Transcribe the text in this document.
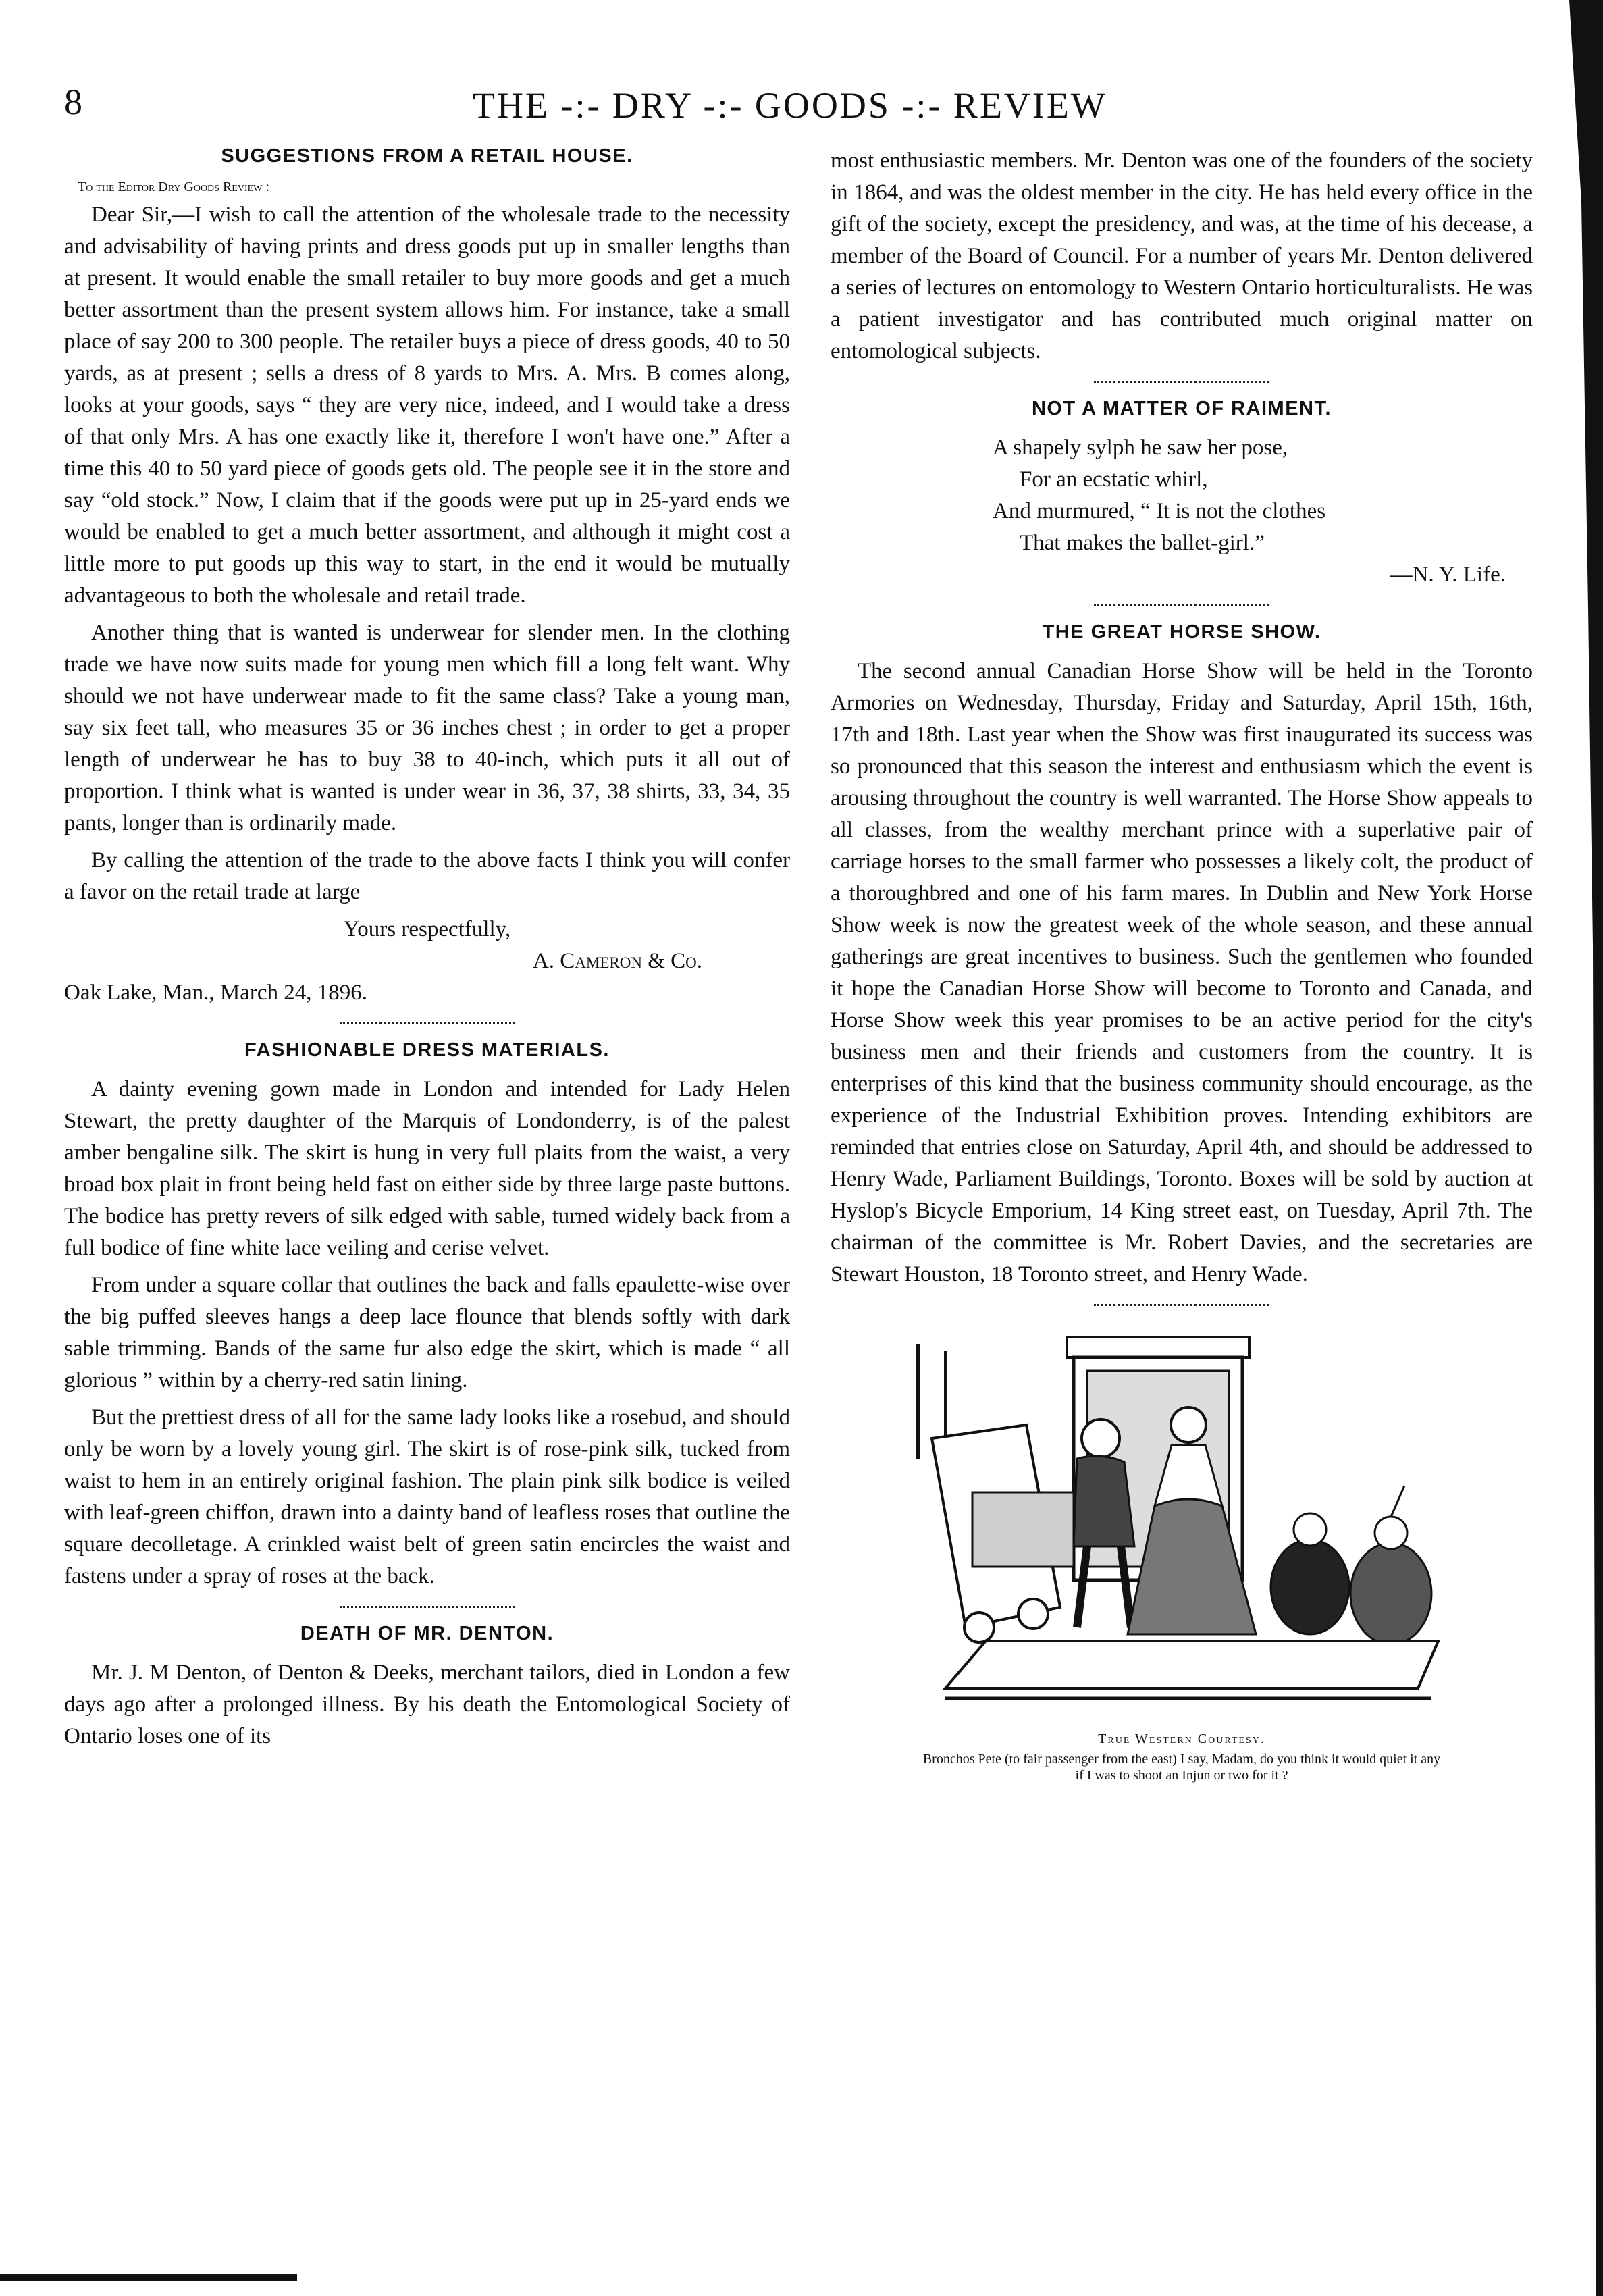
8	THE -:- DRY -:- GOODS -:- REVIEW
SUGGESTIONS FROM A RETAIL HOUSE.
To the Editor Dry Goods Review :

Dear Sir,—I wish to call the attention of the wholesale trade to the necessity and advisability of having prints and dress goods put up in smaller lengths than at present. It would enable the small retailer to buy more goods and get a much better assortment than the present system allows him. For instance, take a small place of say 200 to 300 people. The retailer buys a piece of dress goods, 40 to 50 yards, as at present ; sells a dress of 8 yards to Mrs. A. Mrs. B comes along, looks at your goods, says “ they are very nice, indeed, and I would take a dress of that only Mrs. A has one exactly like it, therefore I won't have one.” After a time this 40 to 50 yard piece of goods gets old. The people see it in the store and say “old stock.” Now, I claim that if the goods were put up in 25-yard ends we would be enabled to get a much better assortment, and although it might cost a little more to put goods up this way to start, in the end it would be mutually advantageous to both the wholesale and retail trade.

Another thing that is wanted is underwear for slender men. In the clothing trade we have now suits made for young men which fill a long felt want. Why should we not have underwear made to fit the same class? Take a young man, say six feet tall, who measures 35 or 36 inches chest ; in order to get a proper length of underwear he has to buy 38 to 40-inch, which puts it all out of proportion. I think what is wanted is under wear in 36, 37, 38 shirts, 33, 34, 35 pants, longer than is ordinarily made.

By calling the attention of the trade to the above facts I think you will confer a favor on the retail trade at large

Yours respectfully,
A. Cameron & Co.
Oak Lake, Man., March 24, 1896.
FASHIONABLE DRESS MATERIALS.

A dainty evening gown made in London and intended for Lady Helen Stewart, the pretty daughter of the Marquis of Londonderry, is of the palest amber bengaline silk. The skirt is hung in very full plaits from the waist, a very broad box plait in front being held fast on either side by three large paste buttons. The bodice has pretty revers of silk edged with sable, turned widely back from a full bodice of fine white lace veiling and cerise velvet.

From under a square collar that outlines the back and falls epaulette-wise over the big puffed sleeves hangs a deep lace flounce that blends softly with dark sable trimming. Bands of the same fur also edge the skirt, which is made “ all glorious ” within by a cherry-red satin lining.

But the prettiest dress of all for the same lady looks like a rosebud, and should only be worn by a lovely young girl. The skirt is of rose-pink silk, tucked from waist to hem in an entirely original fashion. The plain pink silk bodice is veiled with leaf-green chiffon, drawn into a dainty band of leafless roses that outline the square decolletage. A crinkled waist belt of green satin encircles the waist and fastens under a spray of roses at the back.

DEATH OF MR. DENTON.

Mr. J. M Denton, of Denton & Deeks, merchant tailors, died in London a few days ago after a prolonged illness. By his death the Entomological Society of Ontario loses one of its

most enthusiastic members. Mr. Denton was one of the founders of the society in 1864, and was the oldest member in the city. He has held every office in the gift of the society, except the presidency, and was, at the time of his decease, a member of the Board of Council. For a number of years Mr. Denton delivered a series of lectures on entomology to Western Ontario horticulturalists. He was a patient investigator and has contributed much original matter on entomological subjects.

NOT A MATTER OF RAIMENT.
A shapely sylph he saw her pose,
For an ecstatic whirl,
And murmured, “ It is not the clothes
That makes the ballet-girl.”
—N. Y. Life.
THE GREAT HORSE SHOW.

The second annual Canadian Horse Show will be held in the Toronto Armories on Wednesday, Thursday, Friday and Saturday, April 15th, 16th, 17th and 18th. Last year when the Show was first inaugurated its success was so pronounced that this season the interest and enthusiasm which the event is arousing throughout the country is well warranted. The Horse Show appeals to all classes, from the wealthy merchant prince with a superlative pair of carriage horses to the small farmer who possesses a likely colt, the product of a thoroughbred and one of his farm mares. In Dublin and New York Horse Show week is now the greatest week of the whole season, and these annual gatherings are great incentives to business. Such the gentlemen who founded it hope the Canadian Horse Show will become to Toronto and Canada, and Horse Show week this year promises to be an active period for the city's business men and their friends and customers from the country. It is enterprises of this kind that the business community should encourage, as the experience of the Industrial Exhibition proves. Intending exhibitors are reminded that entries close on Saturday, April 4th, and should be addressed to Henry Wade, Parliament Buildings, Toronto. Boxes will be sold by auction at Hyslop's Bicycle Emporium, 14 King street east, on Tuesday, April 7th. The chairman of the committee is Mr. Robert Davies, and the secretaries are Stewart Houston, 18 Toronto street, and Henry Wade.

True Western Courtesy.
Bronchos Pete (to fair passenger from the east) I say, Madam, do you think it would quiet it any if I was to shoot an Injun or two for it ?
